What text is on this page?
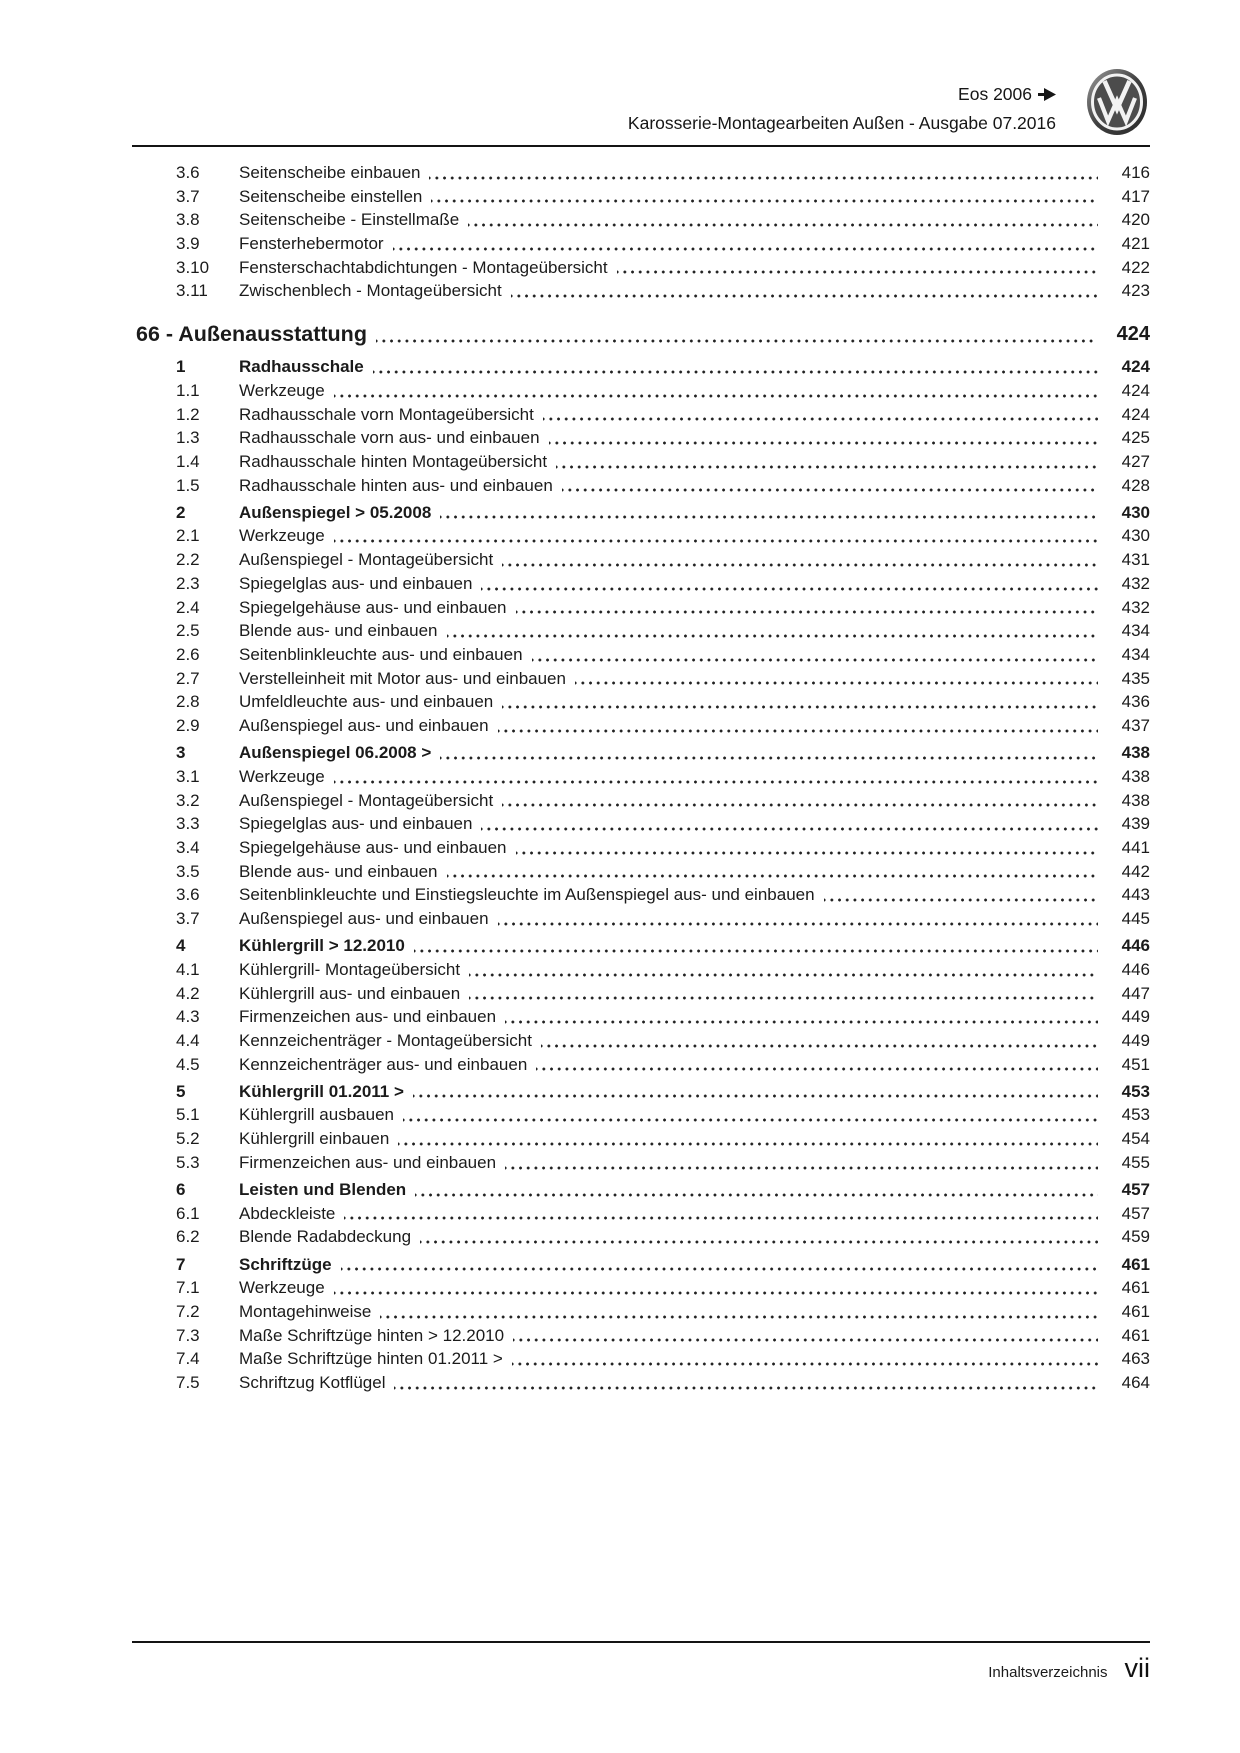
Eos 2006
Karosserie-Montagearbeiten Außen - Ausgabe 07.2016
3.6	Seitenscheibe einbauen	416
3.7	Seitenscheibe einstellen	417
3.8	Seitenscheibe - Einstellmaße	420
3.9	Fensterhebermotor	421
3.10	Fensterschachtabdichtungen - Montageübersicht	422
3.11	Zwischenblech - Montageübersicht	423
66 - Außenausstattung	424
1	Radhausschale	424
1.1	Werkzeuge	424
1.2	Radhausschale vorn Montageübersicht	424
1.3	Radhausschale vorn aus- und einbauen	425
1.4	Radhausschale hinten Montageübersicht	427
1.5	Radhausschale hinten aus- und einbauen	428
2	Außenspiegel > 05.2008	430
2.1	Werkzeuge	430
2.2	Außenspiegel - Montageübersicht	431
2.3	Spiegelglas aus- und einbauen	432
2.4	Spiegelgehäuse aus- und einbauen	432
2.5	Blende aus- und einbauen	434
2.6	Seitenblinkleuchte aus- und einbauen	434
2.7	Verstelleinheit mit Motor aus- und einbauen	435
2.8	Umfeldleuchte aus- und einbauen	436
2.9	Außenspiegel aus- und einbauen	437
3	Außenspiegel 06.2008 >	438
3.1	Werkzeuge	438
3.2	Außenspiegel - Montageübersicht	438
3.3	Spiegelglas aus- und einbauen	439
3.4	Spiegelgehäuse aus- und einbauen	441
3.5	Blende aus- und einbauen	442
3.6	Seitenblinkleuchte und Einstiegsleuchte im Außenspiegel aus- und einbauen	443
3.7	Außenspiegel aus- und einbauen	445
4	Kühlergrill > 12.2010	446
4.1	Kühlergrill- Montageübersicht	446
4.2	Kühlergrill aus- und einbauen	447
4.3	Firmenzeichen aus- und einbauen	449
4.4	Kennzeichenträger - Montageübersicht	449
4.5	Kennzeichenträger aus- und einbauen	451
5	Kühlergrill 01.2011 >	453
5.1	Kühlergrill ausbauen	453
5.2	Kühlergrill einbauen	454
5.3	Firmenzeichen aus- und einbauen	455
6	Leisten und Blenden	457
6.1	Abdeckleiste	457
6.2	Blende Radabdeckung	459
7	Schriftzüge	461
7.1	Werkzeuge	461
7.2	Montagehinweise	461
7.3	Maße Schriftzüge hinten > 12.2010	461
7.4	Maße Schriftzüge hinten 01.2011 >	463
7.5	Schriftzug Kotflügel	464
Inhaltsverzeichnis vii
